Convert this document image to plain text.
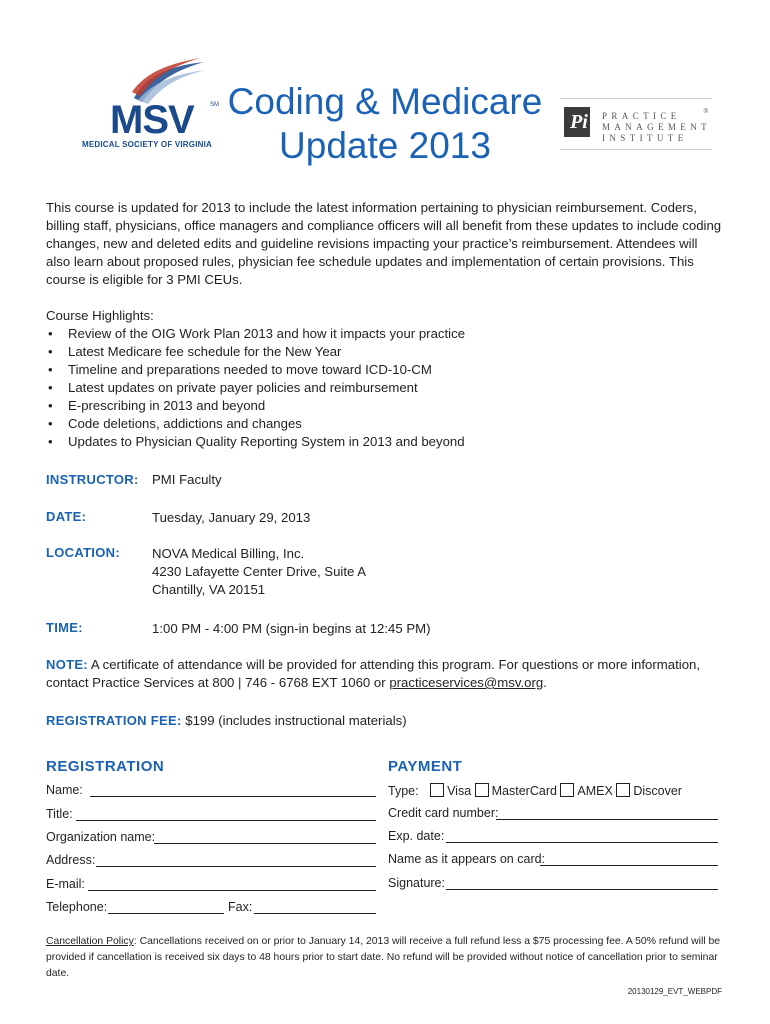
MSV	SM
MEDICAL SOCIETY OF VIRGINIA
Coding & Medicare
Update 2013
Pi PRACTICE
MANAGEMENT
INSTITUTE
®
This course is updated for 2013 to include the latest information pertaining to physician reimbursement. Coders, billing staff, physicians, office managers and compliance officers will all benefit from these updates to include coding changes, new and deleted edits and guideline revisions impacting your practice’s reimbursement. Attendees will also learn about proposed rules, physician fee schedule updates and implementation of certain provisions. This course is eligible for 3 PMI CEUs.
Course Highlights:
• Review of the OIG Work Plan 2013 and how it impacts your practice
• Latest Medicare fee schedule for the New Year
• Timeline and preparations needed to move toward ICD-10-CM
• Latest updates on private payer policies and reimbursement
• E-prescribing in 2013 and beyond
• Code deletions, addictions and changes
• Updates to Physician Quality Reporting System in 2013 and beyond
INSTRUCTOR: PMI Faculty
DATE:	Tuesday, January 29, 2013
LOCATION: NOVA Medical Billing, Inc.
4230 Lafayette Center Drive, Suite A
Chantilly, VA 20151
TIME:	1:00 PM - 4:00 PM (sign-in begins at 12:45 PM)
NOTE: A certificate of attendance will be provided for attending this program. For questions or more information,
contact Practice Services at 800 | 746 - 6768 EXT 1060 or practiceservices@msv.org.
REGISTRATION FEE: $199 (includes instructional materials)
REGISTRATION
Name:
Title:
Organization name:
Address:
E-mail:
Telephone:	Fax:
PAYMENT
Type: Visa MasterCard AMEX Discover
Credit card number:
Exp. date:
Name as it appears on card:
Signature:
Cancellation Policy: Cancellations received on or prior to January 14, 2013 will receive a full refund less a $75 processing fee. A 50% refund will be provided if cancellation is received six days to 48 hours prior to start date. No refund will be provided without notice of cancellation prior to seminar date.
20130129_EVT_WEBPDF
